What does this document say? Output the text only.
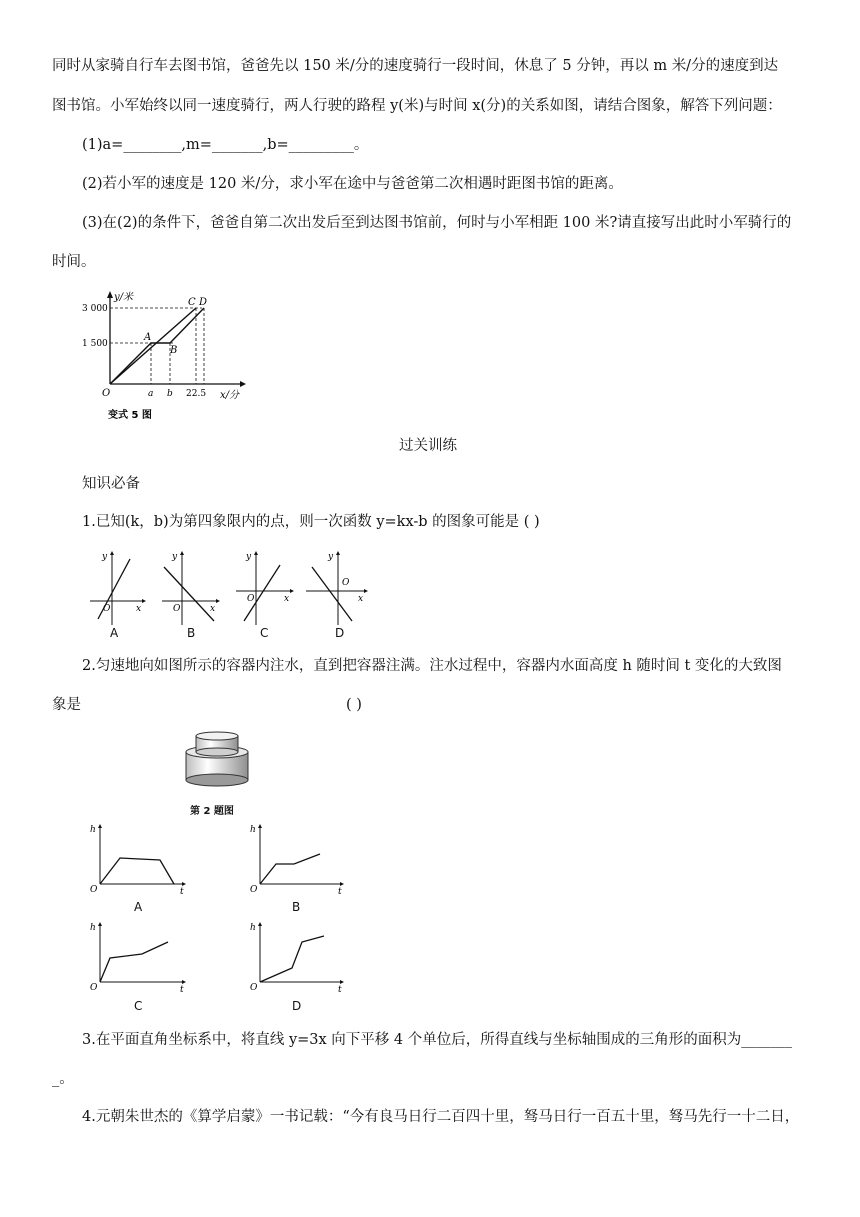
同时从家骑自行车去图书馆，爸爸先以 150 米/分的速度骑行一段时间，休息了 5 分钟，再以 m 米/分的速度到达
图书馆。小军始终以同一速度骑行，两人行驶的路程 y(米)与时间 x(分)的关系如图，请结合图象，解答下列问题：
(1)a=________,m=_______,b=_________。
(2)若小军的速度是 120 米/分，求小军在途中与爸爸第二次相遇时距图书馆的距离。
(3)在(2)的条件下，爸爸自第二次出发后至到达图书馆前，何时与小军相距 100 米?请直接写出此时小军骑行的
时间。
3 000
1 500
y/米
x/分
O	a b 22.5
A
B
C D
变式 5 图
过关训练
知识必备
1.已知(k，b)为第四象限内的点，则一次函数 y=kx-b 的图象可能是 ( )
y
x
O
y
x
O
y
x
O
y
x
O
A	B	C	D
2.匀速地向如图所示的容器内注水，直到把容器注满。注水过程中，容器内水面高度 h 随时间 t 变化的大致图
象是	( )
第 2 题图
h
t
O
h
t
O
h
t
O
h
t
O
A	B
C	D
3.在平面直角坐标系中，将直线 y=3x 向下平移 4 个单位后，所得直线与坐标轴围成的三角形的面积为_______
_。
4.元朝朱世杰的《算学启蒙》一书记载：“今有良马日行二百四十里，驽马日行一百五十里，驽马先行一十二日，
